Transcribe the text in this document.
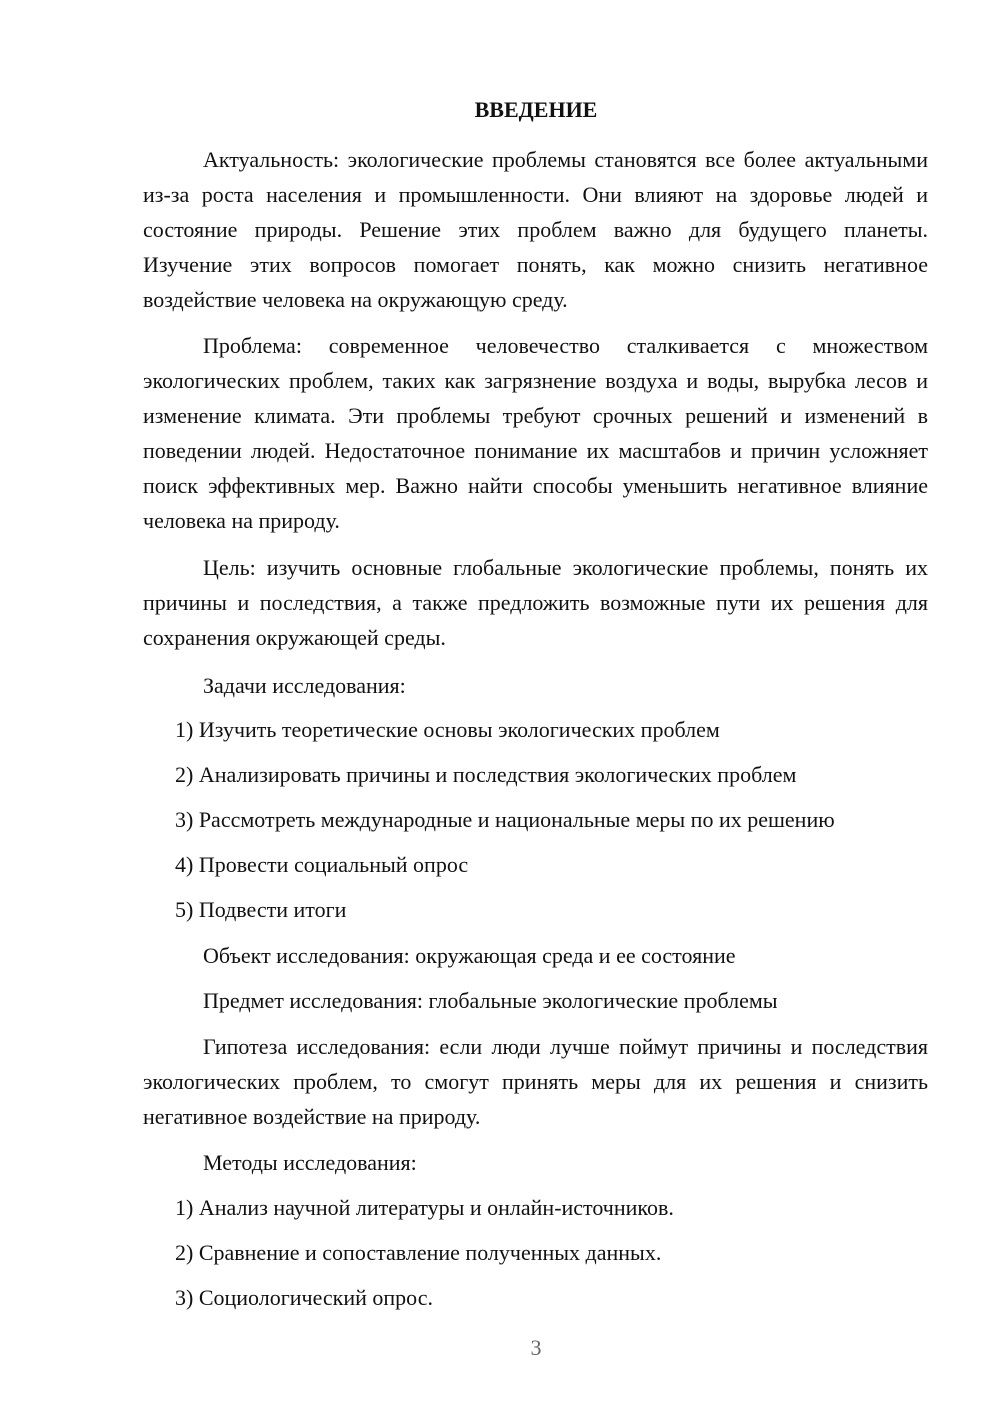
ВВЕДЕНИЕ
Актуальность: экологические проблемы становятся все более актуальными из-за роста населения и промышленности. Они влияют на здоровье людей и состояние природы. Решение этих проблем важно для будущего планеты. Изучение этих вопросов помогает понять, как можно снизить негативное воздействие человека на окружающую среду.
Проблема: современное человечество сталкивается с множеством экологических проблем, таких как загрязнение воздуха и воды, вырубка лесов и изменение климата. Эти проблемы требуют срочных решений и изменений в поведении людей. Недостаточное понимание их масштабов и причин усложняет поиск эффективных мер. Важно найти способы уменьшить негативное влияние человека на природу.
Цель: изучить основные глобальные экологические проблемы, понять их причины и последствия, а также предложить возможные пути их решения для сохранения окружающей среды.
Задачи исследования:
1) Изучить теоретические основы экологических проблем
2) Анализировать причины и последствия экологических проблем
3) Рассмотреть международные и национальные меры по их решению
4) Провести социальный опрос
5) Подвести итоги
Объект исследования: окружающая среда и ее состояние
Предмет исследования: глобальные экологические проблемы
Гипотеза исследования: если люди лучше поймут причины и последствия экологических проблем, то смогут принять меры для их решения и снизить негативное воздействие на природу.
Методы исследования:
1) Анализ научной литературы и онлайн-источников.
2) Сравнение и сопоставление полученных данных.
3) Социологический опрос.
3
